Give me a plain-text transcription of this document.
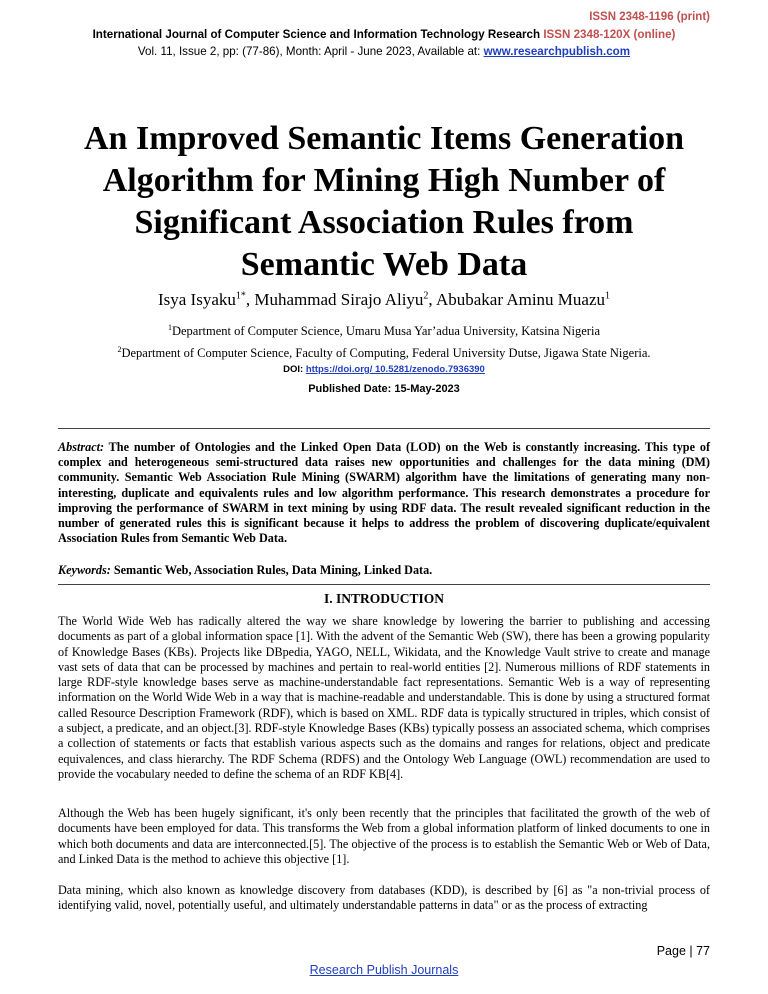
ISSN 2348-1196 (print)
International Journal of Computer Science and Information Technology Research ISSN 2348-120X (online)
Vol. 11, Issue 2, pp: (77-86), Month: April - June 2023, Available at: www.researchpublish.com
An Improved Semantic Items Generation Algorithm for Mining High Number of Significant Association Rules from Semantic Web Data
Isya Isyaku$^{1*}$, Muhammad Sirajo Aliyu$^2$, Abubakar Aminu Muazu$^1$
$^1$Department of Computer Science, Umaru Musa Yar’adua University, Katsina Nigeria
$^2$Department of Computer Science, Faculty of Computing, Federal University Dutse, Jigawa State Nigeria.
DOI: https://doi.org/ 10.5281/zenodo.7936390
Published Date: 15-May-2023

Abstract: The number of Ontologies and the Linked Open Data (LOD) on the Web is constantly increasing. This type of complex and heterogeneous semi-structured data raises new opportunities and challenges for the data mining (DM) community. Semantic Web Association Rule Mining (SWARM) algorithm have the limitations of generating many non-interesting, duplicate and equivalents rules and low algorithm performance. This research demonstrates a procedure for improving the performance of SWARM in text mining by using RDF data. The result revealed significant reduction in the number of generated rules this is significant because it helps to address the problem of discovering duplicate/equivalent Association Rules from Semantic Web Data.

Keywords: Semantic Web, Association Rules, Data Mining, Linked Data.

I. INTRODUCTION

The World Wide Web has radically altered the way we share knowledge by lowering the barrier to publishing and accessing documents as part of a global information space [1]. With the advent of the Semantic Web (SW), there has been a growing popularity of Knowledge Bases (KBs). Projects like DBpedia, YAGO, NELL, Wikidata, and the Knowledge Vault strive to create and manage vast sets of data that can be processed by machines and pertain to real-world entities [2]. Numerous millions of RDF statements in large RDF-style knowledge bases serve as machine-understandable fact representations. Semantic Web is a way of representing information on the World Wide Web in a way that is machine-readable and understandable. This is done by using a structured format called Resource Description Framework (RDF), which is based on XML. RDF data is typically structured in triples, which consist of a subject, a predicate, and an object.[3]. RDF-style Knowledge Bases (KBs) typically possess an associated schema, which comprises a collection of statements or facts that establish various aspects such as the domains and ranges for relations, object and predicate equivalences, and class hierarchy. The RDF Schema (RDFS) and the Ontology Web Language (OWL) recommendation are used to provide the vocabulary needed to define the schema of an RDF KB[4].

Although the Web has been hugely significant, it's only been recently that the principles that facilitated the growth of the web of documents have been employed for data. This transforms the Web from a global information platform of linked documents to one in which both documents and data are interconnected.[5]. The objective of the process is to establish the Semantic Web or Web of Data, and Linked Data is the method to achieve this objective [1].

Data mining, which also known as knowledge discovery from databases (KDD), is described by [6] as "a non-trivial process of identifying valid, novel, potentially useful, and ultimately understandable patterns in data" or as the process of extracting

Page | 77
Research Publish Journals
